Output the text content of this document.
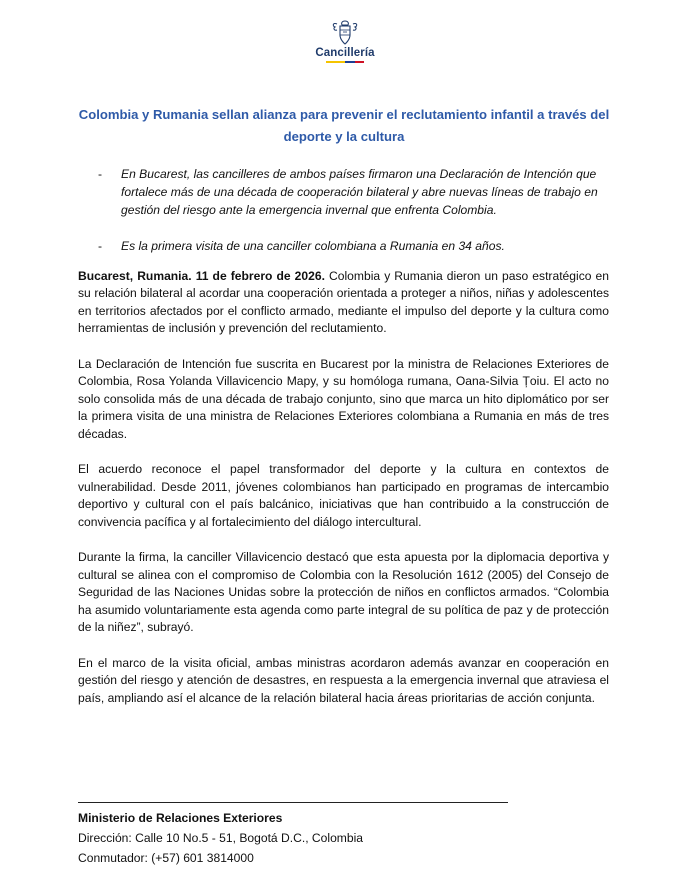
Cancillería
Colombia y Rumania sellan alianza para prevenir el reclutamiento infantil a través del deporte y la cultura
- En Bucarest, las cancilleres de ambos países firmaron una Declaración de Intención que fortalece más de una década de cooperación bilateral y abre nuevas líneas de trabajo en gestión del riesgo ante la emergencia invernal que enfrenta Colombia.
- Es la primera visita de una canciller colombiana a Rumania en 34 años.

Bucarest, Rumania. 11 de febrero de 2026. Colombia y Rumania dieron un paso estratégico en su relación bilateral al acordar una cooperación orientada a proteger a niños, niñas y adolescentes en territorios afectados por el conflicto armado, mediante el impulso del deporte y la cultura como herramientas de inclusión y prevención del reclutamiento.

La Declaración de Intención fue suscrita en Bucarest por la ministra de Relaciones Exteriores de Colombia, Rosa Yolanda Villavicencio Mapy, y su homóloga rumana, Oana-Silvia Țoiu. El acto no solo consolida más de una década de trabajo conjunto, sino que marca un hito diplomático por ser la primera visita de una ministra de Relaciones Exteriores colombiana a Rumania en más de tres décadas.

El acuerdo reconoce el papel transformador del deporte y la cultura en contextos de vulnerabilidad. Desde 2011, jóvenes colombianos han participado en programas de intercambio deportivo y cultural con el país balcánico, iniciativas que han contribuido a la construcción de convivencia pacífica y al fortalecimiento del diálogo intercultural.

Durante la firma, la canciller Villavicencio destacó que esta apuesta por la diplomacia deportiva y cultural se alinea con el compromiso de Colombia con la Resolución 1612 (2005) del Consejo de Seguridad de las Naciones Unidas sobre la protección de niños en conflictos armados. “Colombia ha asumido voluntariamente esta agenda como parte integral de su política de paz y de protección de la niñez”, subrayó.

En el marco de la visita oficial, ambas ministras acordaron además avanzar en cooperación en gestión del riesgo y atención de desastres, en respuesta a la emergencia invernal que atraviesa el país, ampliando así el alcance de la relación bilateral hacia áreas prioritarias de acción conjunta.

Ministerio de Relaciones Exteriores
Dirección: Calle 10 No.5 - 51, Bogotá D.C., Colombia
Conmutador: (+57) 601 3814000
